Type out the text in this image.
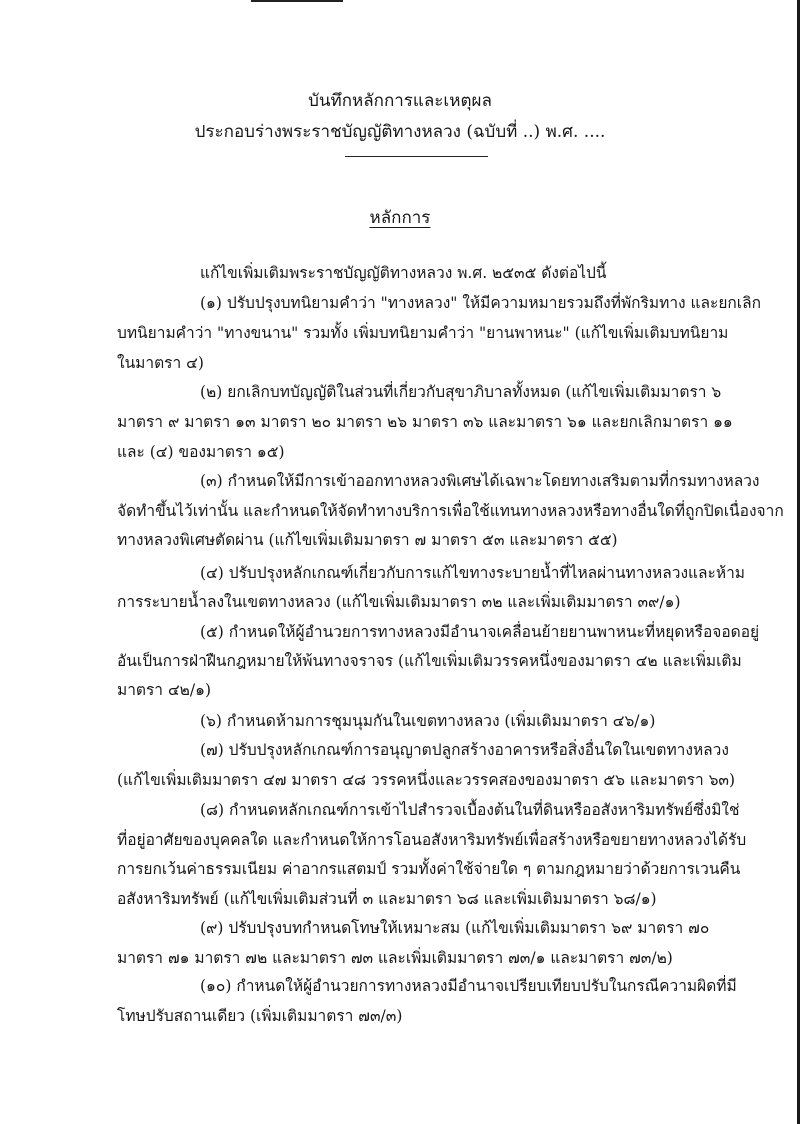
บันทึกหลักการและเหตุผล
ประกอบร่างพระราชบัญญัติทางหลวง (ฉบับที่ ..) พ.ศ. ....
หลักการ
แก้ไขเพิ่มเติมพระราชบัญญัติทางหลวง พ.ศ. ๒๕๓๕ ดังต่อไปนี้
(๑) ปรับปรุงบทนิยามคำว่า "ทางหลวง" ให้มีความหมายรวมถึงที่พักริมทาง และยกเลิก
บทนิยามคำว่า "ทางขนาน" รวมทั้ง เพิ่มบทนิยามคำว่า "ยานพาหนะ" (แก้ไขเพิ่มเติมบทนิยาม
ในมาตรา ๔)
(๒) ยกเลิกบทบัญญัติในส่วนที่เกี่ยวกับสุขาภิบาลทั้งหมด (แก้ไขเพิ่มเติมมาตรา ๖
มาตรา ๙ มาตรา ๑๓ มาตรา ๒๐ มาตรา ๒๖ มาตรา ๓๖ และมาตรา ๖๑ และยกเลิกมาตรา ๑๑
และ (๔) ของมาตรา ๑๕)
(๓) กำหนดให้มีการเข้าออกทางหลวงพิเศษได้เฉพาะโดยทางเสริมตามที่กรมทางหลวง
จัดทำขึ้นไว้เท่านั้น และกำหนดให้จัดทำทางบริการเพื่อใช้แทนทางหลวงหรือทางอื่นใดที่ถูกปิดเนื่องจาก
ทางหลวงพิเศษตัดผ่าน (แก้ไขเพิ่มเติมมาตรา ๗ มาตรา ๕๓ และมาตรา ๕๕)
(๔) ปรับปรุงหลักเกณฑ์เกี่ยวกับการแก้ไขทางระบายน้ำที่ไหลผ่านทางหลวงและห้าม
การระบายน้ำลงในเขตทางหลวง (แก้ไขเพิ่มเติมมาตรา ๓๒ และเพิ่มเติมมาตรา ๓๙/๑)
(๕) กำหนดให้ผู้อำนวยการทางหลวงมีอำนาจเคลื่อนย้ายยานพาหนะที่หยุดหรือจอดอยู่
อันเป็นการฝ่าฝืนกฎหมายให้พ้นทางจราจร (แก้ไขเพิ่มเติมวรรคหนึ่งของมาตรา ๔๒ และเพิ่มเติม
มาตรา ๔๒/๑)
(๖) กำหนดห้ามการชุมนุมกันในเขตทางหลวง (เพิ่มเติมมาตรา ๔๖/๑)
(๗) ปรับปรุงหลักเกณฑ์การอนุญาตปลูกสร้างอาคารหรือสิ่งอื่นใดในเขตทางหลวง
(แก้ไขเพิ่มเติมมาตรา ๔๗ มาตรา ๔๘ วรรคหนึ่งและวรรคสองของมาตรา ๕๖ และมาตรา ๖๓)
(๘) กำหนดหลักเกณฑ์การเข้าไปสำรวจเบื้องต้นในที่ดินหรืออสังหาริมทรัพย์ซึ่งมิใช่
ที่อยู่อาศัยของบุคคลใด และกำหนดให้การโอนอสังหาริมทรัพย์เพื่อสร้างหรือขยายทางหลวงได้รับ
การยกเว้นค่าธรรมเนียม ค่าอากรแสตมป์ รวมทั้งค่าใช้จ่ายใด ๆ ตามกฎหมายว่าด้วยการเวนคืน
อสังหาริมทรัพย์ (แก้ไขเพิ่มเติมส่วนที่ ๓ และมาตรา ๖๘ และเพิ่มเติมมาตรา ๖๘/๑)
(๙) ปรับปรุงบทกำหนดโทษให้เหมาะสม (แก้ไขเพิ่มเติมมาตรา ๖๙ มาตรา ๗๐
มาตรา ๗๑ มาตรา ๗๒ และมาตรา ๗๓ และเพิ่มเติมมาตรา ๗๓/๑ และมาตรา ๗๓/๒)
(๑๐) กำหนดให้ผู้อำนวยการทางหลวงมีอำนาจเปรียบเทียบปรับในกรณีความผิดที่มี
โทษปรับสถานเดียว (เพิ่มเติมมาตรา ๗๓/๓)
